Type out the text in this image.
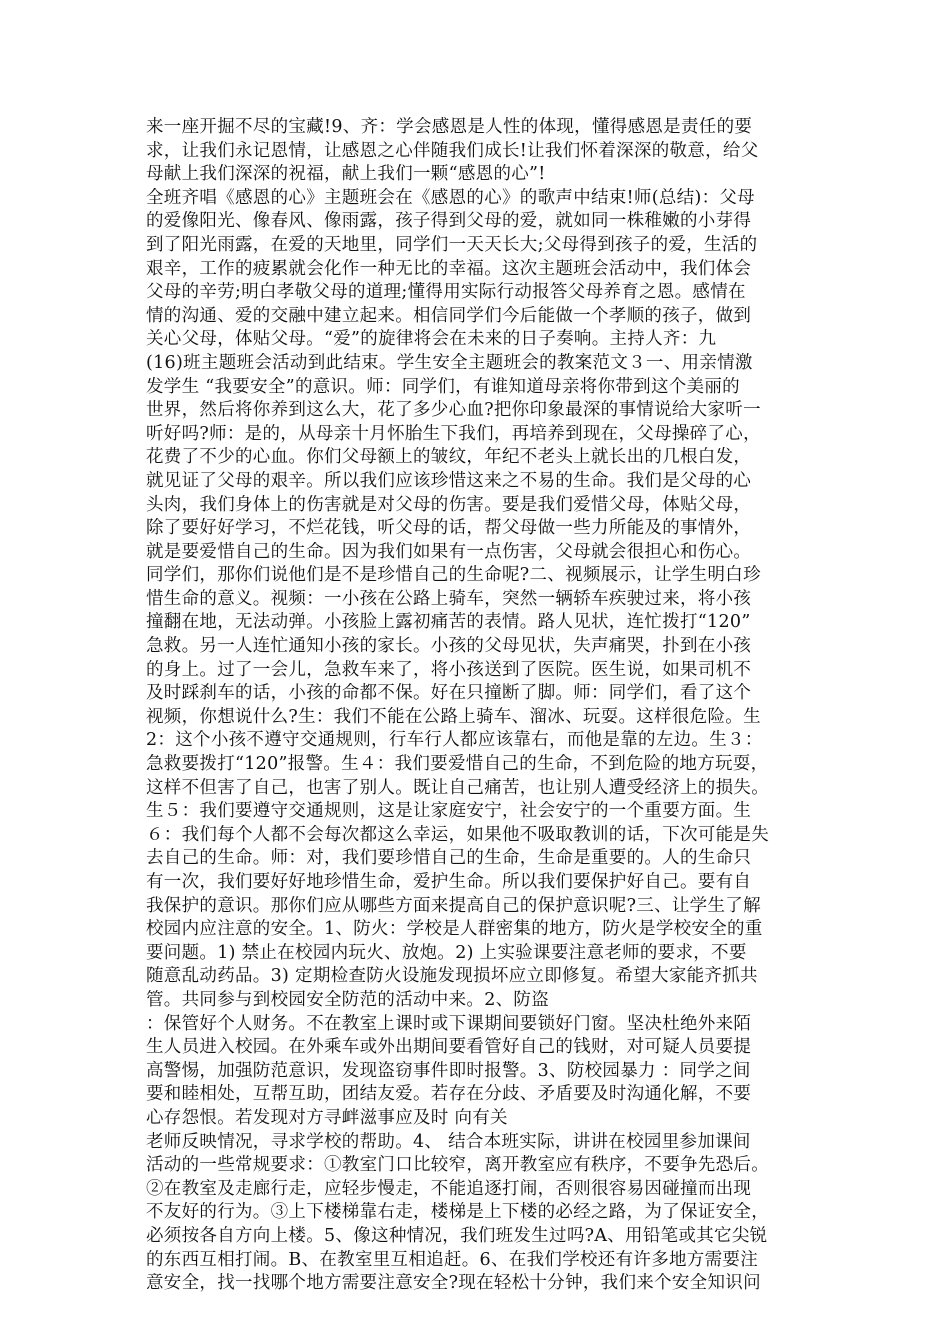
来一座开掘不尽的宝藏!9、齐：学会感恩是人性的体现，懂得感恩是责任的要
求，让我们永记恩情，让感恩之心伴随我们成长!让我们怀着深深的敬意，给父
母献上我们深深的祝福，献上我们一颗“感恩的心”!
全班齐唱《感恩的心》主题班会在《感恩的心》的歌声中结束!师(总结)：父母
的爱像阳光、像春风、像雨露，孩子得到父母的爱，就如同一株稚嫩的小芽得
到了阳光雨露，在爱的天地里，同学们一天天长大;父母得到孩子的爱，生活的
艰辛，工作的疲累就会化作一种无比的幸福。这次主题班会活动中，我们体会
父母的辛劳;明白孝敬父母的道理;懂得用实际行动报答父母养育之恩。感情在
情的沟通、爱的交融中建立起来。相信同学们今后能做一个孝顺的孩子，做到
关心父母，体贴父母。“爱”的旋律将会在未来的日子奏响。主持人齐：九
(16)班主题班会活动到此结束。学生安全主题班会的教案范文３一、用亲情激
发学生 “我要安全”的意识。师：同学们，有谁知道母亲将你带到这个美丽的
世界，然后将你养到这么大，花了多少心血?把你印象最深的事情说给大家听一
听好吗?师：是的，从母亲十月怀胎生下我们，再培养到现在，父母操碎了心，
花费了不少的心血。你们父母额上的皱纹，年纪不老头上就长出的几根白发，
就见证了父母的艰辛。所以我们应该珍惜这来之不易的生命。我们是父母的心
头肉，我们身体上的伤害就是对父母的伤害。要是我们爱惜父母，体贴父母，
除了要好好学习，不烂花钱，听父母的话，帮父母做一些力所能及的事情外，
就是要爱惜自己的生命。因为我们如果有一点伤害，父母就会很担心和伤心。
同学们，那你们说他们是不是珍惜自己的生命呢?二、视频展示，让学生明白珍
惜生命的意义。视频：一小孩在公路上骑车，突然一辆轿车疾驶过来，将小孩
撞翻在地，无法动弹。小孩脸上露初痛苦的表情。路人见状，连忙拨打“120”
急救。另一人连忙通知小孩的家长。小孩的父母见状，失声痛哭，扑到在小孩
的身上。过了一会儿，急救车来了，将小孩送到了医院。医生说，如果司机不
及时踩刹车的话，小孩的命都不保。好在只撞断了脚。师：同学们，看了这个
视频，你想说什么?生：我们不能在公路上骑车、溜冰、玩耍。这样很危险。生
2：这个小孩不遵守交通规则，行车行人都应该靠右，而他是靠的左边。生３：
急救要拨打“120”报警。生４：我们要爱惜自己的生命，不到危险的地方玩耍，
这样不但害了自己，也害了别人。既让自己痛苦，也让别人遭受经济上的损失。
生５：我们要遵守交通规则，这是让家庭安宁，社会安宁的一个重要方面。生
６：我们每个人都不会每次都这么幸运，如果他不吸取教训的话，下次可能是失
去自己的生命。师：对，我们要珍惜自己的生命，生命是重要的。人的生命只
有一次，我们要好好地珍惜生命，爱护生命。所以我们要保护好自己。要有自
我保护的意识。那你们应从哪些方面来提高自己的保护意识呢?三、让学生了解
校园内应注意的安全。1、防火：学校是人群密集的地方，防火是学校安全的重
要问题。1) 禁止在校园内玩火、放炮。2) 上实验课要注意老师的要求，不要
随意乱动药品。3) 定期检查防火设施发现损坏应立即修复。希望大家能齐抓共
管。共同参与到校园安全防范的活动中来。2、防盗
：保管好个人财务。不在教室上课时或下课期间要锁好门窗。坚决杜绝外来陌
生人员进入校园。在外乘车或外出期间要看管好自己的钱财，对可疑人员要提
高警惕，加强防范意识，发现盗窃事件即时报警。3、防校园暴力 ：同学之间
要和睦相处，互帮互助，团结友爱。若存在分歧、矛盾要及时沟通化解，不要
心存怨恨。若发现对方寻衅滋事应及时 向有关
老师反映情况，寻求学校的帮助。4、 结合本班实际，讲讲在校园里参加课间
活动的一些常规要求：①教室门口比较窄，离开教室应有秩序，不要争先恐后。
②在教室及走廊行走，应轻步慢走，不能追逐打闹，否则很容易因碰撞而出现
不友好的行为。③上下楼梯靠右走，楼梯是上下楼的必经之路，为了保证安全，
必须按各自方向上楼。5、像这种情况，我们班发生过吗?A、用铅笔或其它尖锐
的东西互相打闹。B、在教室里互相追赶。6、在我们学校还有许多地方需要注
意安全，找一找哪个地方需要注意安全?现在轻松十分钟，我们来个安全知识问
